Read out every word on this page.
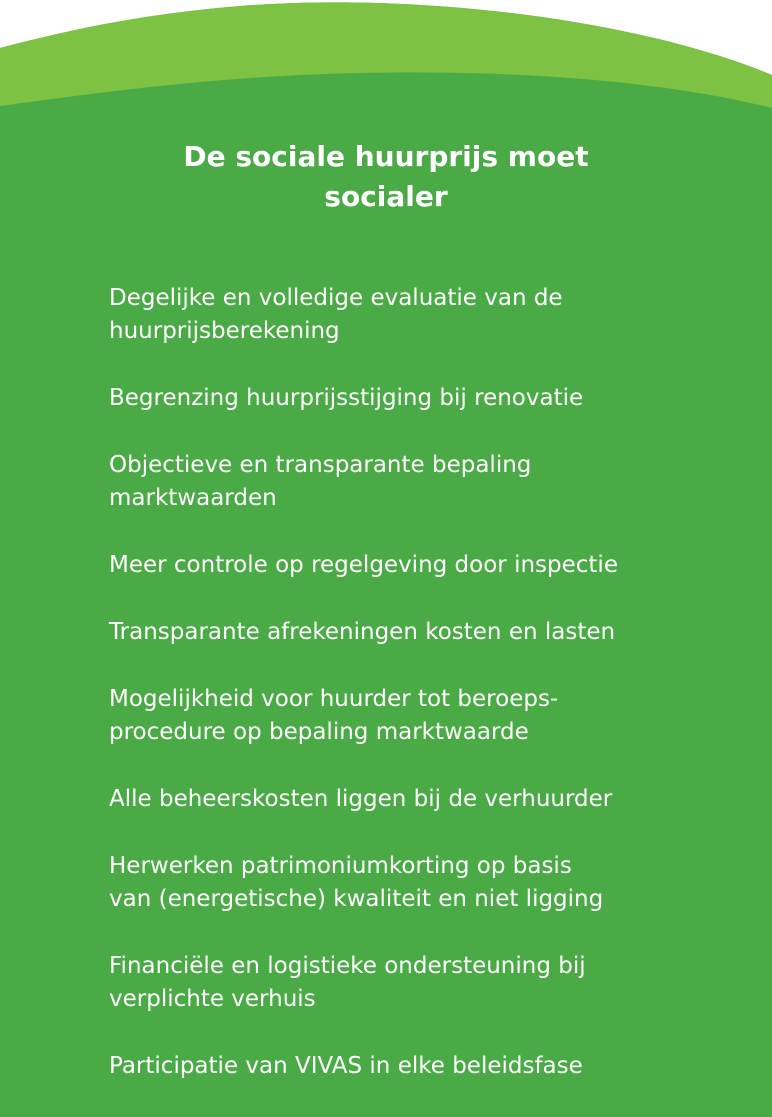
De sociale huurprijs moet
socialer
Degelijke en volledige evaluatie van de
huurprijsberekening
Begrenzing huurprijsstijging bij renovatie
Objectieve en transparante bepaling
marktwaarden
Meer controle op regelgeving door inspectie
Transparante afrekeningen kosten en lasten
Mogelijkheid voor huurder tot beroeps-
procedure op bepaling marktwaarde
Alle beheerskosten liggen bij de verhuurder
Herwerken patrimoniumkorting op basis
van (energetische) kwaliteit en niet ligging
Financiële en logistieke ondersteuning bij
verplichte verhuis
Participatie van VIVAS in elke beleidsfase
